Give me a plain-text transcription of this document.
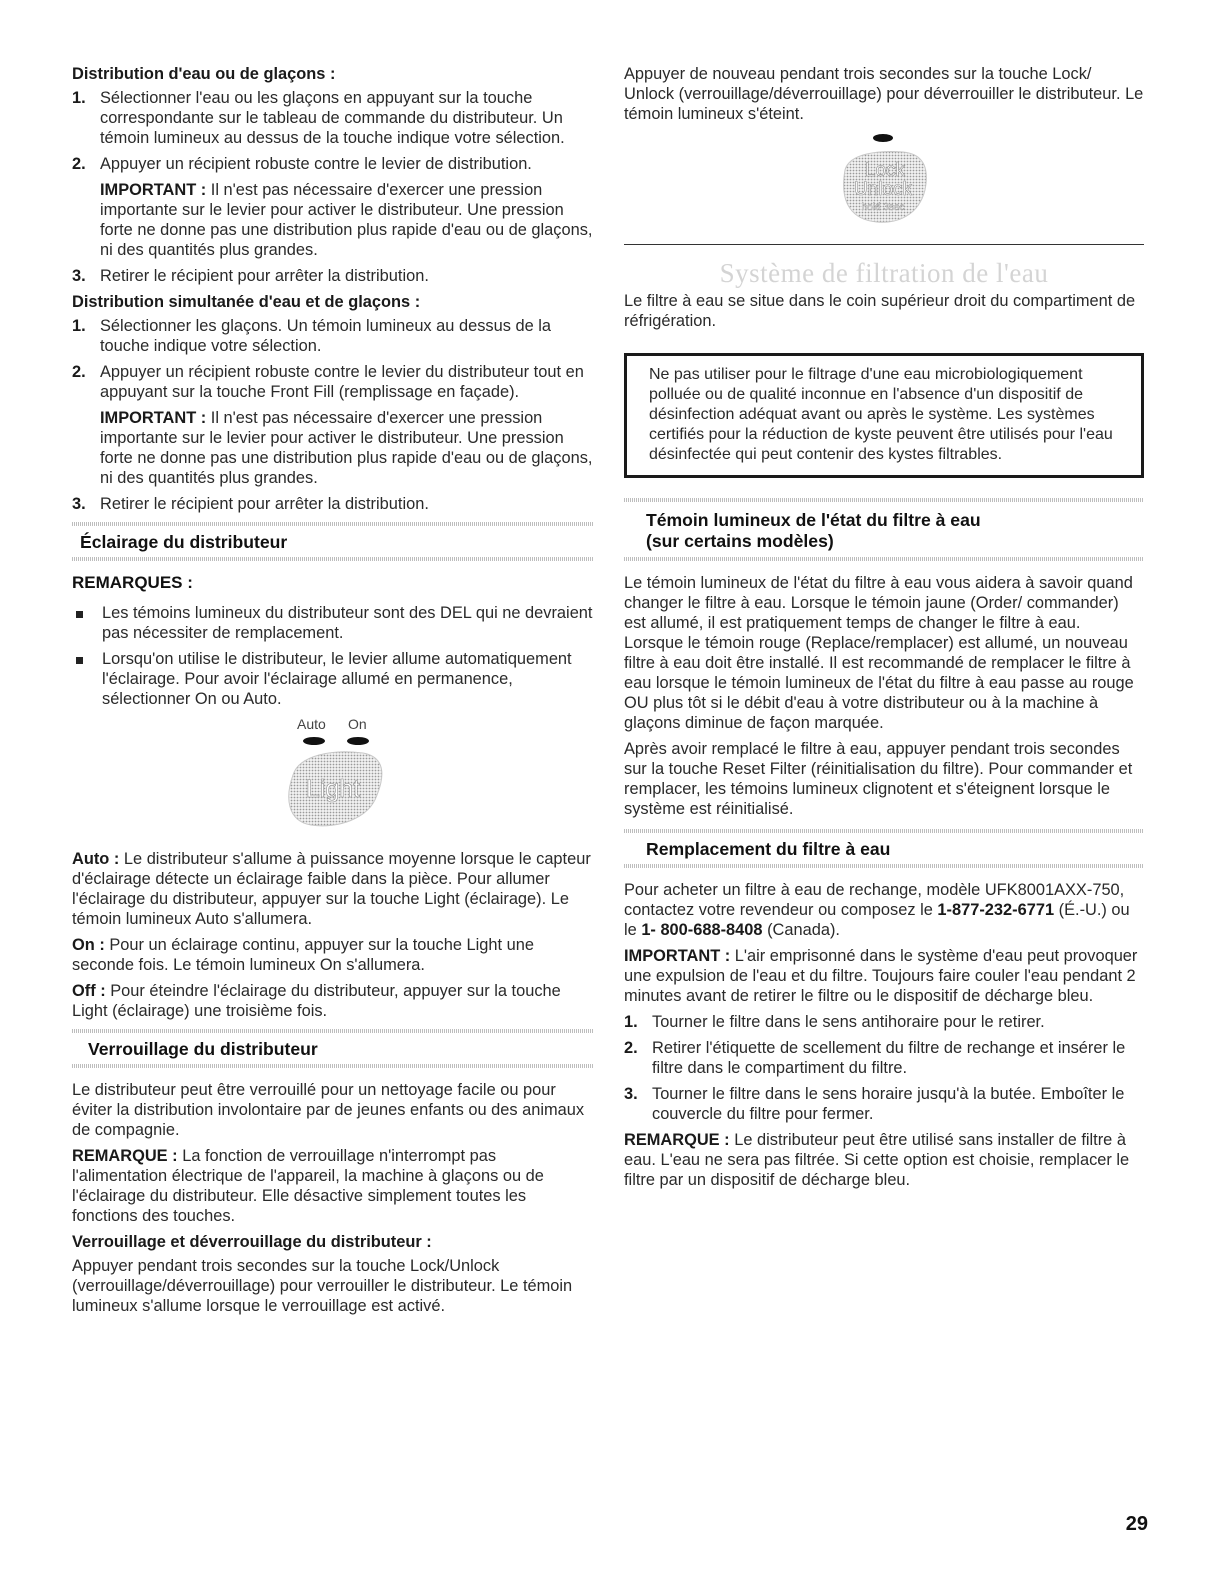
Distribution d'eau ou de glaçons :
1. Sélectionner l'eau ou les glaçons en appuyant sur la touche correspondante sur le tableau de commande du distributeur. Un témoin lumineux au dessus de la touche indique votre sélection.

2. Appuyer un récipient robuste contre le levier de distribution.

IMPORTANT : Il n'est pas nécessaire d'exercer une pression importante sur le levier pour activer le distributeur. Une pression forte ne donne pas une distribution plus rapide d'eau ou de glaçons, ni des quantités plus grandes.

3. Retirer le récipient pour arrêter la distribution.

Distribution simultanée d'eau et de glaçons :
1. Sélectionner les glaçons. Un témoin lumineux au dessus de la touche indique votre sélection.

2. Appuyer un récipient robuste contre le levier du distributeur tout en appuyant sur la touche Front Fill (remplissage en façade).

IMPORTANT : Il n'est pas nécessaire d'exercer une pression importante sur le levier pour activer le distributeur. Une pression forte ne donne pas une distribution plus rapide d'eau ou de glaçons, ni des quantités plus grandes.

3. Retirer le récipient pour arrêter la distribution.

Éclairage du distributeur
REMARQUES :
Les témoins lumineux du distributeur sont des DEL qui ne devraient pas nécessiter de remplacement.
Lorsqu'on utilise le distributeur, le levier allume automatiquement l'éclairage. Pour avoir l'éclairage allumé en permanence, sélectionner On ou Auto.
Auto On
Light

Auto : Le distributeur s'allume à puissance moyenne lorsque le capteur d'éclairage détecte un éclairage faible dans la pièce. Pour allumer l'éclairage du distributeur, appuyer sur la touche Light (éclairage). Le témoin lumineux Auto s'allumera.

On : Pour un éclairage continu, appuyer sur la touche Light une seconde fois. Le témoin lumineux On s'allumera.

Off : Pour éteindre l'éclairage du distributeur, appuyer sur la touche Light (éclairage) une troisième fois.

Verrouillage du distributeur

Le distributeur peut être verrouillé pour un nettoyage facile ou pour éviter la distribution involontaire par de jeunes enfants ou des animaux de compagnie.

REMARQUE : La fonction de verrouillage n'interrompt pas l'alimentation électrique de l'appareil, la machine à glaçons ou de l'éclairage du distributeur. Elle désactive simplement toutes les fonctions des touches.

Verrouillage et déverrouillage du distributeur :

Appuyer pendant trois secondes sur la touche Lock/Unlock (verrouillage/déverrouillage) pour verrouiller le distributeur. Le témoin lumineux s'allume lorsque le verrouillage est activé.

Appuyer de nouveau pendant trois secondes sur la touche Lock/ Unlock (verrouillage/déverrouillage) pour déverrouiller le distributeur. Le témoin lumineux s'éteint.

Lock
Unlock
hold 3sec
Système de filtration de l'eau

Le filtre à eau se situe dans le coin supérieur droit du compartiment de réfrigération.

Ne pas utiliser pour le filtrage d'une eau microbiologiquement polluée ou de qualité inconnue en l'absence d'un dispositif de désinfection adéquat avant ou après le système. Les systèmes certifiés pour la réduction de kyste peuvent être utilisés pour l'eau désinfectée qui peut contenir des kystes filtrables.
Témoin lumineux de l'état du filtre à eau
(sur certains modèles)

Le témoin lumineux de l'état du filtre à eau vous aidera à savoir quand changer le filtre à eau. Lorsque le témoin jaune (Order/ commander) est allumé, il est pratiquement temps de changer le filtre à eau. Lorsque le témoin rouge (Replace/remplacer) est allumé, un nouveau filtre à eau doit être installé. Il est recommandé de remplacer le filtre à eau lorsque le témoin lumineux de l'état du filtre à eau passe au rouge OU plus tôt si le débit d'eau à votre distributeur ou à la machine à glaçons diminue de façon marquée.

Après avoir remplacé le filtre à eau, appuyer pendant trois secondes sur la touche Reset Filter (réinitialisation du filtre). Pour commander et remplacer, les témoins lumineux clignotent et s'éteignent lorsque le système est réinitialisé.

Remplacement du filtre à eau

Pour acheter un filtre à eau de rechange, modèle UFK8001AXX-750, contactez votre revendeur ou composez le 1-877-232-6771 (É.-U.) ou le 1- 800-688-8408 (Canada).

IMPORTANT : L'air emprisonné dans le système d'eau peut provoquer une expulsion de l'eau et du filtre. Toujours faire couler l'eau pendant 2 minutes avant de retirer le filtre ou le dispositif de décharge bleu.

1. Tourner le filtre dans le sens antihoraire pour le retirer.

2. Retirer l'étiquette de scellement du filtre de rechange et insérer le filtre dans le compartiment du filtre.

3. Tourner le filtre dans le sens horaire jusqu'à la butée. Emboîter le couvercle du filtre pour fermer.

REMARQUE : Le distributeur peut être utilisé sans installer de filtre à eau. L'eau ne sera pas filtrée. Si cette option est choisie, remplacer le filtre par un dispositif de décharge bleu.

29
